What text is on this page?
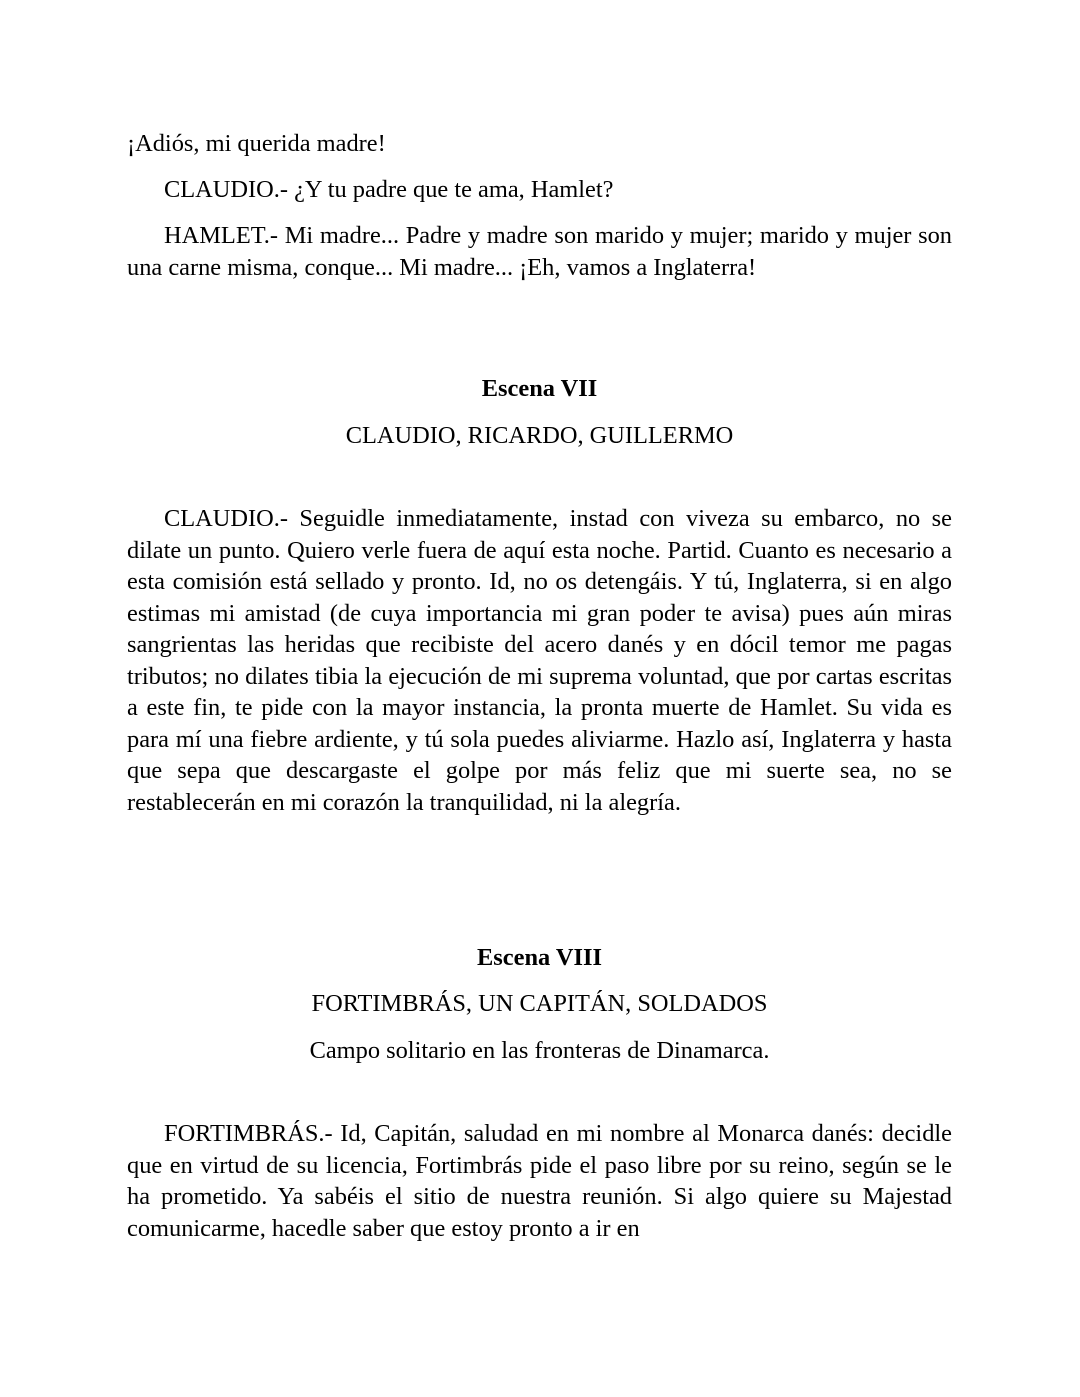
¡Adiós, mi querida madre!

CLAUDIO.- ¿Y tu padre que te ama, Hamlet?

HAMLET.- Mi madre... Padre y madre son marido y mujer; marido y mujer son una carne misma, conque... Mi madre... ¡Eh, vamos a Inglaterra!

Escena VII

CLAUDIO, RICARDO, GUILLERMO

CLAUDIO.- Seguidle inmediatamente, instad con viveza su embarco, no se dilate un punto. Quiero verle fuera de aquí esta noche. Partid. Cuanto es necesario a esta comisión está sellado y pronto. Id, no os detengáis. Y tú, Inglaterra, si en algo estimas mi amistad (de cuya importancia mi gran poder te avisa) pues aún miras sangrientas las heridas que recibiste del acero danés y en dócil temor me pagas tributos; no dilates tibia la ejecución de mi suprema voluntad, que por cartas escritas a este fin, te pide con la mayor instancia, la pronta muerte de Hamlet. Su vida es para mí una fiebre ardiente, y tú sola puedes aliviarme. Hazlo así, Inglaterra y hasta que sepa que descargaste el golpe por más feliz que mi suerte sea, no se restablecerán en mi corazón la tranquilidad, ni la alegría.

Escena VIII

FORTIMBRÁS, UN CAPITÁN, SOLDADOS

Campo solitario en las fronteras de Dinamarca.

FORTIMBRÁS.- Id, Capitán, saludad en mi nombre al Monarca danés: decidle que en virtud de su licencia, Fortimbrás pide el paso libre por su reino, según se le ha prometido. Ya sabéis el sitio de nuestra reunión. Si algo quiere su Majestad comunicarme, hacedle saber que estoy pronto a ir en
